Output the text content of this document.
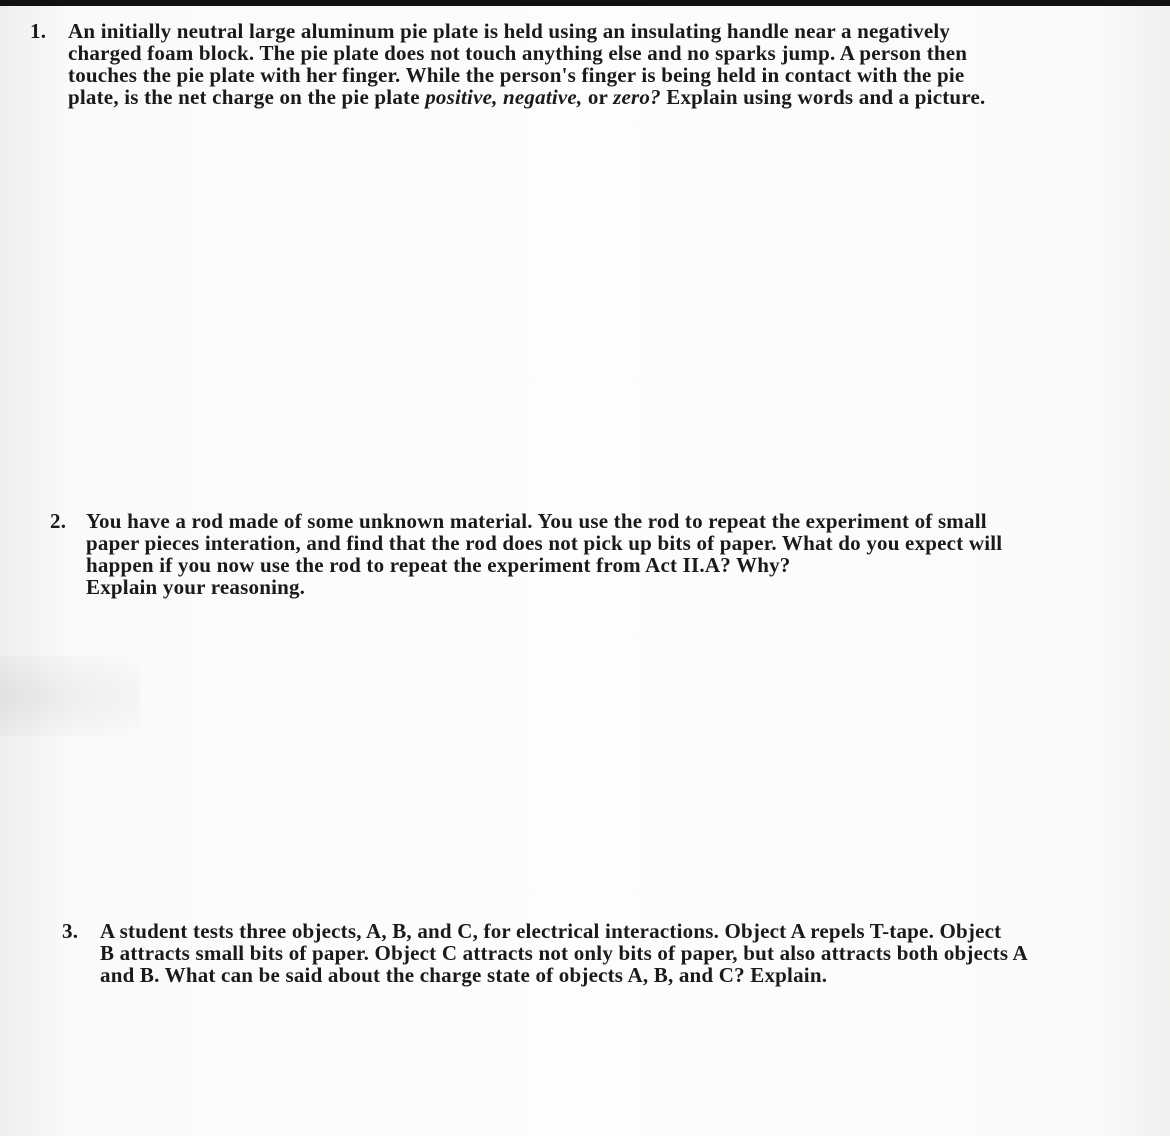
1.	An initially neutral large aluminum pie plate is held using an insulating handle near a negatively
charged foam block. The pie plate does not touch anything else and no sparks jump. A person then
touches the pie plate with her finger. While the person's finger is being held in contact with the pie
plate, is the net charge on the pie plate positive, negative, or zero? Explain using words and a picture.
2. You have a rod made of some unknown material. You use the rod to repeat the experiment of small
paper pieces interation, and find that the rod does not pick up bits of paper. What do you expect will
happen if you now use the rod to repeat the experiment from Act II.A? Why?
Explain your reasoning.
3.	A student tests three objects, A, B, and C, for electrical interactions. Object A repels T-tape. Object
B attracts small bits of paper. Object C attracts not only bits of paper, but also attracts both objects A
and B. What can be said about the charge state of objects A, B, and C? Explain.
